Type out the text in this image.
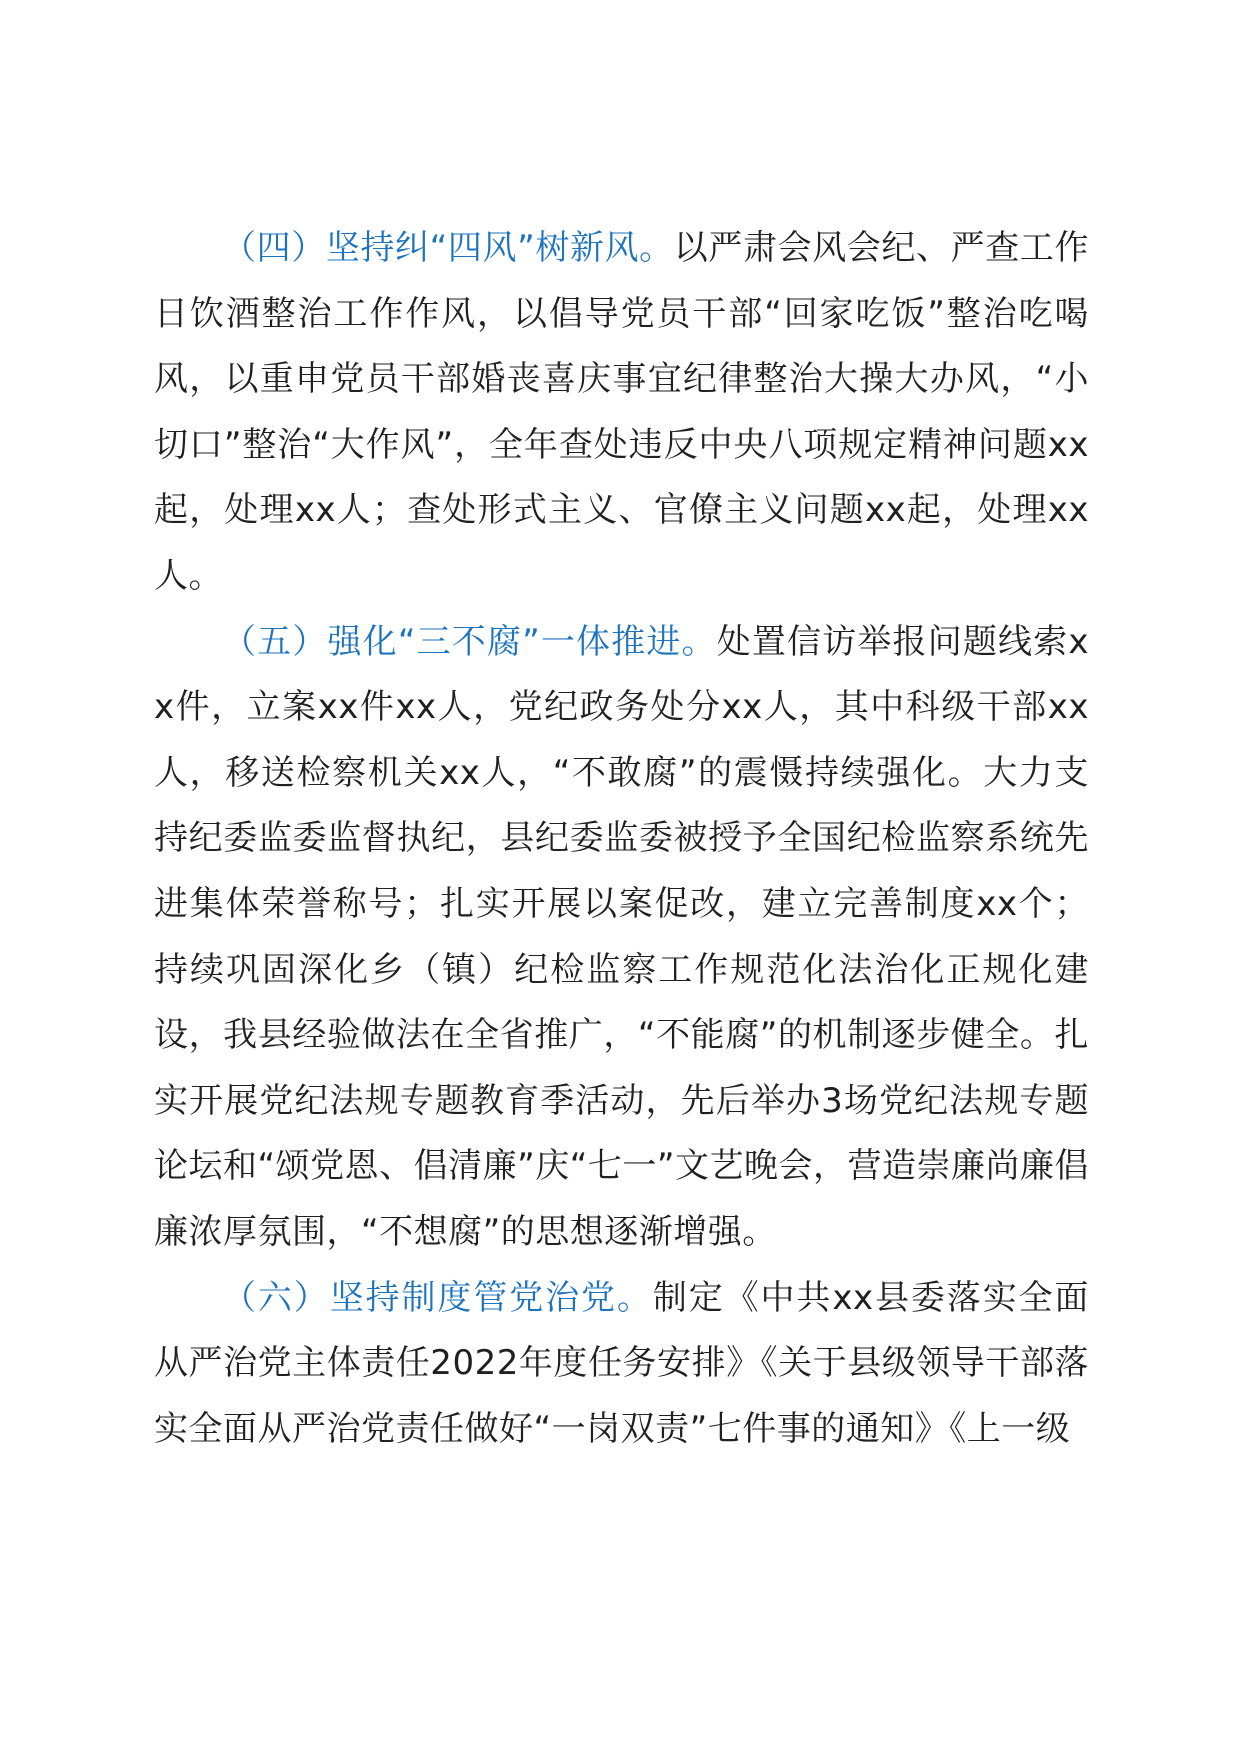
（四）坚持纠“四风”树新风。以严肃会风会纪、严查工作日饮酒整治工作作风，以倡导党员干部“回家吃饭”整治吃喝风，以重申党员干部婚丧喜庆事宜纪律整治大操大办风，“小切口”整治“大作风”，全年查处违反中央八项规定精神问题xx起，处理xx人；查处形式主义、官僚主义问题xx起，处理xx人。

（五）强化“三不腐”一体推进。处置信访举报问题线索xx件，立案xx件xx人，党纪政务处分xx人，其中科级干部xx人，移送检察机关xx人，“不敢腐”的震慑持续强化。大力支持纪委监委监督执纪，县纪委监委被授予全国纪检监察系统先进集体荣誉称号；扎实开展以案促改，建立完善制度xx个；持续巩固深化乡（镇）纪检监察工作规范化法治化正规化建设，我县经验做法在全省推广，“不能腐”的机制逐步健全。扎实开展党纪法规专题教育季活动，先后举办3场党纪法规专题论坛和“颂党恩、倡清廉”庆“七一”文艺晚会，营造崇廉尚廉倡廉浓厚氛围，“不想腐”的思想逐渐增强。

（六）坚持制度管党治党。制定《中共xx县委落实全面从严治党主体责任2022年度任务安排》《关于县级领导干部落实全面从严治党责任做好“一岗双责”七件事的通知》《上一级
